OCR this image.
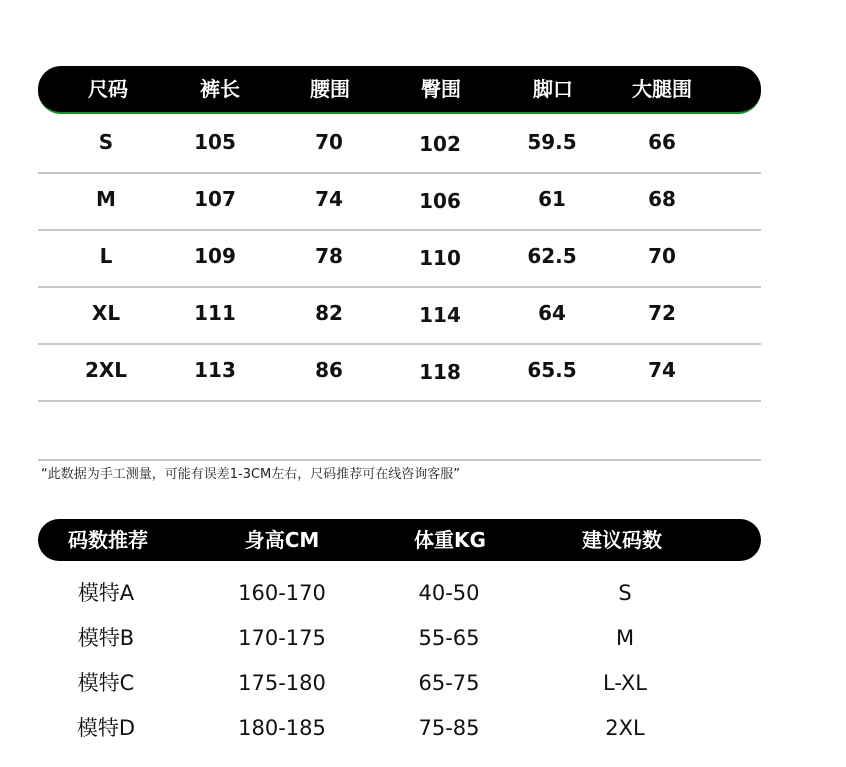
尺码	裤长	腰围	臀围	脚口	大腿围
S	105	70	102	59.5	66
M	107	74	106	61	68
L	109	78	110	62.5	70
XL	111	82	114	64	72
2XL	113	86	118	65.5	74
“此数据为手工测量，可能有误差1-3CM左右，尺码推荐可在线咨询客服”
码数推荐	身高CM	体重KG	建议码数
模特A	160-170	40-50	S
模特B	170-175	55-65	M
模特C	175-180	65-75	L-XL
模特D	180-185	75-85	2XL
